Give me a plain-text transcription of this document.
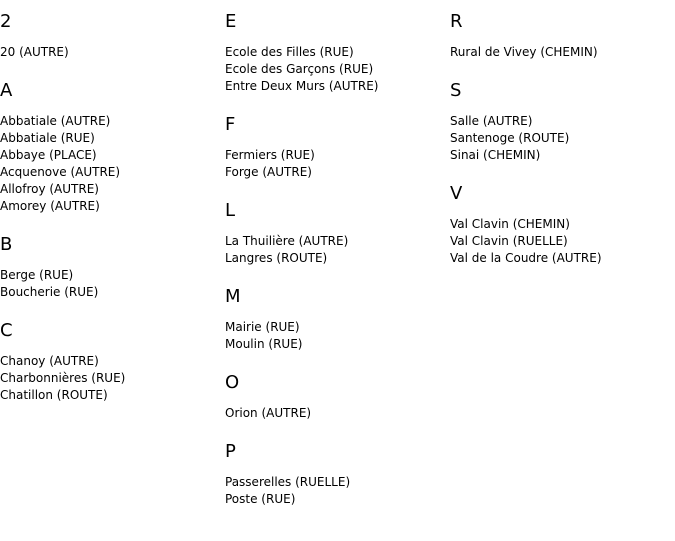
2
20 (AUTRE)
A
Abbatiale (AUTRE)
Abbatiale (RUE)
Abbaye (PLACE)
Acquenove (AUTRE)
Allofroy (AUTRE)
Amorey (AUTRE)
B
Berge (RUE)
Boucherie (RUE)
C
Chanoy (AUTRE)
Charbonnières (RUE)
Chatillon (ROUTE)
E
Ecole des Filles (RUE)
Ecole des Garçons (RUE)
Entre Deux Murs (AUTRE)
F
Fermiers (RUE)
Forge (AUTRE)
L
La Thuilière (AUTRE)
Langres (ROUTE)
M
Mairie (RUE)
Moulin (RUE)
O
Orion (AUTRE)
P
Passerelles (RUELLE)
Poste (RUE)
R
Rural de Vivey (CHEMIN)
S
Salle (AUTRE)
Santenoge (ROUTE)
Sinai (CHEMIN)
V
Val Clavin (CHEMIN)
Val Clavin (RUELLE)
Val de la Coudre (AUTRE)
